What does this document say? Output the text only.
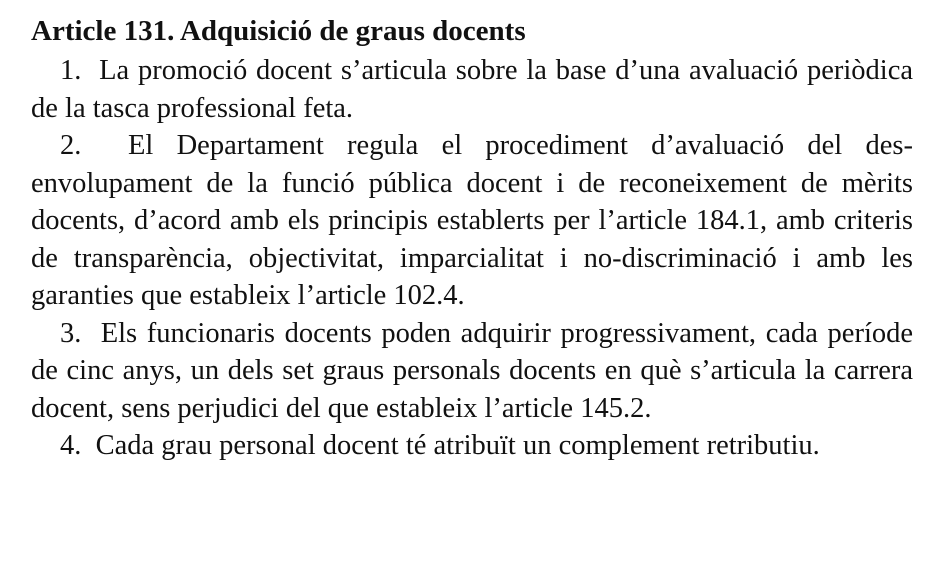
Article 131. Adquisició de graus docents

1. La promoció docent s’articula sobre la base d’una avaluació periòdica de la tasca professional feta.

2. El Departament regula el procediment d’avaluació del desenvolupament de la funció pública docent i de reconeixement de mèrits docents, d’acord amb els principis establerts per l’article 184.1, amb criteris de transparència, objectivitat, imparcialitat i no-discriminació i amb les garanties que estableix l’article 102.4.

3. Els funcionaris docents poden adquirir progressivament, cada període de cinc anys, un dels set graus personals docents en què s’articula la carrera docent, sens perjudici del que estableix l’article 145.2.

4. Cada grau personal docent té atribuït un complement retributiu.
